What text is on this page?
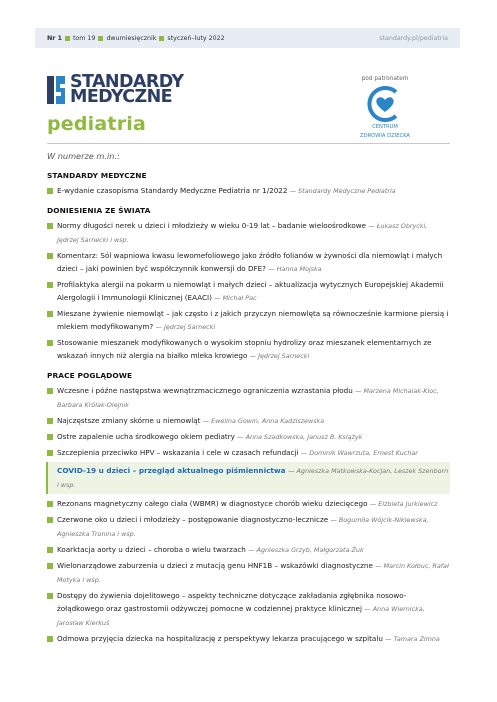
Nr 1 tom 19 dwumiesięcznik styczeń–luty 2022	standardy.pl/pediatria
STANDARDY
MEDYCZNE
pediatria
pod patronatem
CENTRUM
ZDROWIA DZIECKA
W numerze m.in.:
STANDARDY MEDYCZNE
E-wydanie czasopisma Standardy Medyczne Pediatria nr 1/2022 — Standardy Medyczne Pediatria
DONIESIENIA ZE ŚWIATA
Normy długości nerek u dzieci i młodzieży w wieku 0-19 lat – badanie wieloośrodkowe — Łukasz Obrycki, Jędrzej Sarnecki i wsp.
Komentarz: Sól wapniowa kwasu lewomefoliowego jako źródło folianów w żywności dla niemowląt i małych dzieci – jaki powinien być współczynnik konwersji do DFE? — Hanna Mojska
Profilaktyka alergii na pokarm u niemowląt i małych dzieci – aktualizacja wytycznych Europejskiej Akademii Alergologii i Immunologii Klinicznej (EAACI) — Michał Pac
Mieszane żywienie niemowląt – jak często i z jakich przyczyn niemowlęta są równocześnie karmione piersią i mlekiem modyfikowanym? — Jędrzej Sarnecki
Stosowanie mieszanek modyfikowanych o wysokim stopniu hydrolizy oraz mieszanek elementarnych ze wskazań innych niż alergia na białko mleka krowiego — Jędrzej Sarnecki
PRACE POGLĄDOWE
Wczesne i późne następstwa wewnątrzmacicznego ograniczenia wzrastania płodu — Marzena Michalak-Kloc, Barbara Królak-Olejnik
Najczęstsze zmiany skórne u niemowląt — Ewelina Gowin, Anna Kadziszewska
Ostre zapalenie ucha środkowego okiem pediatry — Anna Szadkowska, Janusz B. Książyk
Szczepienia przeciwko HPV – wskazania i cele w czasach refundacji — Dominik Wawrzuta, Ernest Kuchar
COVID-19 u dzieci – przegląd aktualnego piśmiennictwa — Agnieszka Matkowska-Kocjan, Leszek Szenborn i wsp.
Rezonans magnetyczny całego ciała (WBMR) w diagnostyce chorób wieku dziecięcego — Elżbieta Jurkiewicz
Czerwone oko u dzieci i młodzieży – postępowanie diagnostyczno-lecznicze — Bogumiła Wójcik-Niklewska, Agnieszka Tronina i wsp.
Koarktacja aorty u dzieci – choroba o wielu twarzach — Agnieszka Grzyb, Małgorzata Żuk
Wielonarządowe zaburzenia u dzieci z mutacją genu HNF1B – wskazówki diagnostyczne — Marcin Kołbuc, Rafał Motyka i wsp.
Dostępy do żywienia dojelitowego – aspekty techniczne dotyczące zakładania zgłębnika nosowo-żołądkowego oraz gastrostomii odżywczej pomocne w codziennej praktyce klinicznej — Anna Wiernicka, Jarosław Kierkuś
Odmowa przyjęcia dziecka na hospitalizację z perspektywy lekarza pracującego w szpitalu — Tamara Zimna
